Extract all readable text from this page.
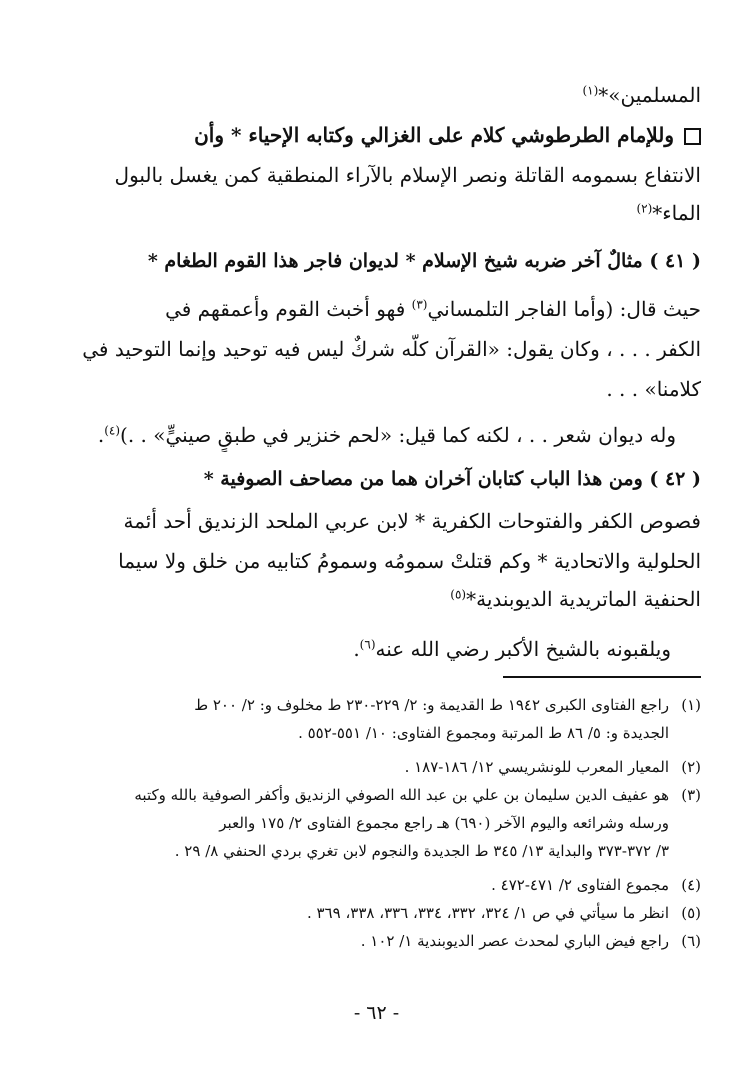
المسلمين»*$^{(١)}$
وللإمام الطرطوشي كلام على الغزالي وكتابه الإحياء * وأن
الانتفاع بسمومه القاتلة ونصر الإسلام بالآراء المنطقية كمن يغسل بالبول
الماء*$^{(٢)}$
( ٤١ ) مثالٌ آخر ضربه شيخ الإسلام * لديوان فاجر هذا القوم الطغام *
حيث قال: (وأما الفاجر التلمساني$^{(٣)}$ فهو أخبث القوم وأعمقهم في
الكفر . . . ، وكان يقول: «القرآن كلّه شركٌ ليس فيه توحيد وإنما التوحيد في
كلامنا» . . .
وله ديوان شعر . . ، لكنه كما قيل: «لحم خنزير في طبقٍ صينيٍّ» . .)$^{(٤)}$.
( ٤٢ ) ومن هذا الباب كتابان آخران هما من مصاحف الصوفية *
فصوص الكفر والفتوحات الكفرية * لابن عربي الملحد الزنديق أحد أئمة
الحلولية والاتحادية * وكم قتلتْ سمومُه وسمومُ كتابيه من خلق ولا سيما
الحنفية الماتريدية الديوبندية*$^{(٥)}$
ويلقبونه بالشيخ الأكبر رضي الله عنه$^{(٦)}$.
(١)راجع الفتاوى الكبرى ١٩٤٢ ط القديمة و: ٢/ ٢٢٩-٢٣٠ ط مخلوف و: ٢/ ٢٠٠ ط
الجديدة و: ٥/ ٨٦ ط المرتبة ومجموع الفتاوى: ١٠/ ٥٥١-٥٥٢ .
(٢)المعيار المعرب للونشريسي ١٢/ ١٨٦-١٨٧ .
(٣)هو عفيف الدين سليمان بن علي بن عبد الله الصوفي الزنديق وأكفر الصوفية بالله وكتبه
ورسله وشرائعه واليوم الآخر (٦٩٠) هـ راجع مجموع الفتاوى ٢/ ١٧٥ والعبر
٣/ ٣٧٢-٣٧٣ والبداية ١٣/ ٣٤٥ ط الجديدة والنجوم لابن تغري بردي الحنفي ٨/ ٢٩ .
(٤)مجموع الفتاوى ٢/ ٤٧١-٤٧٢ .
(٥)انظر ما سيأتي في ص ١/ ٣٢٤، ٣٣٢، ٣٣٤، ٣٣٦، ٣٣٨، ٣٦٩ .
(٦)راجع فيض الباري لمحدث عصر الديوبندية ١/ ١٠٢ .
- ٦٢ -
